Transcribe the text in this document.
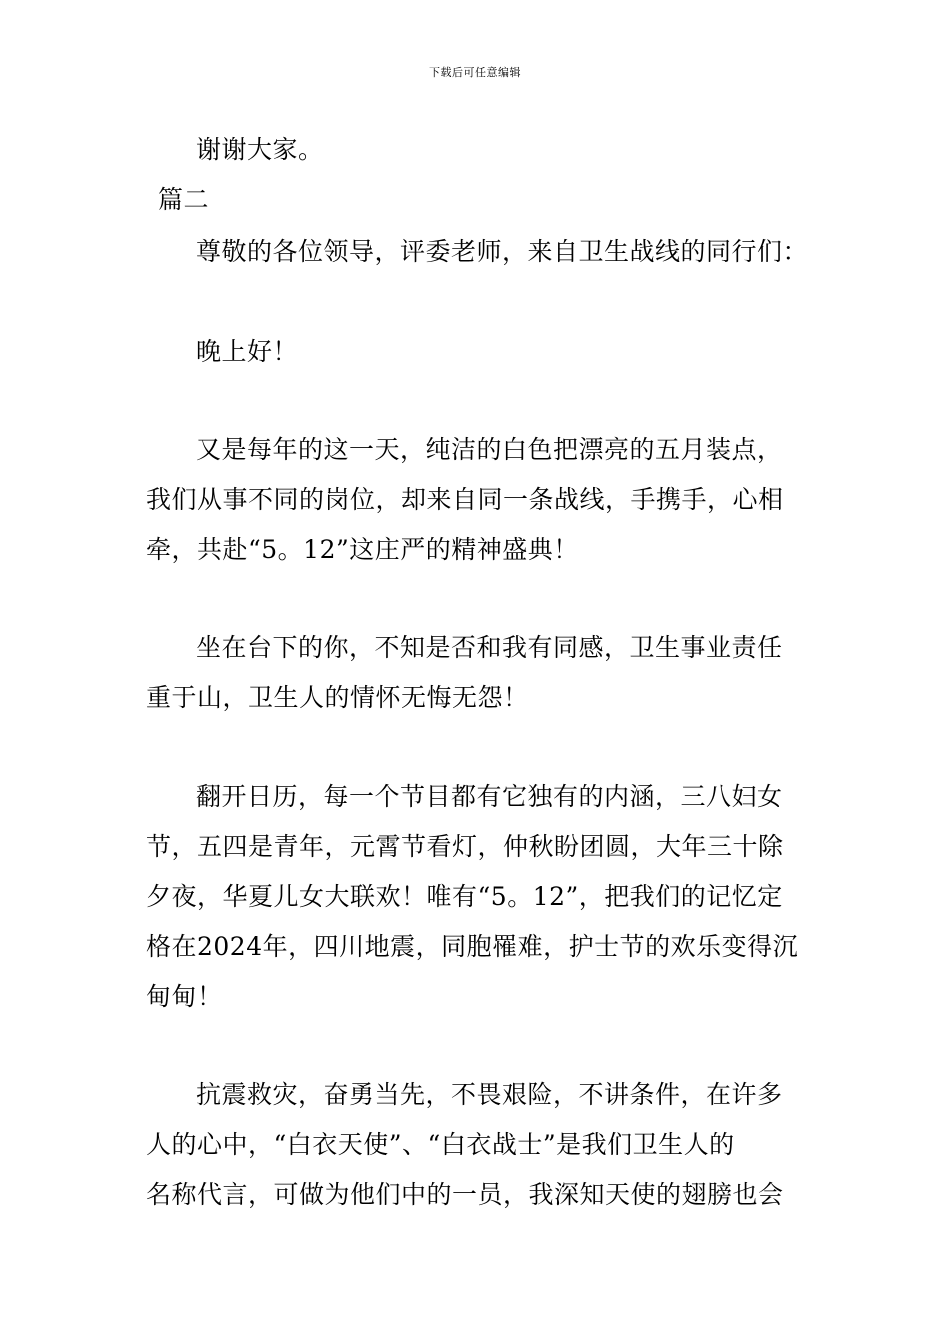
下载后可任意编辑
谢谢大家。
篇二
尊敬的各位领导，评委老师，来自卫生战线的同行们：
晚上好！
又是每年的这一天，纯洁的白色把漂亮的五月装点，
我们从事不同的岗位，却来自同一条战线，手携手，心相
牵，共赴“5。12”这庄严的精神盛典！
坐在台下的你，不知是否和我有同感，卫生事业责任
重于山，卫生人的情怀无悔无怨！
翻开日历，每一个节目都有它独有的内涵，三八妇女
节，五四是青年，元霄节看灯，仲秋盼团圆，大年三十除
夕夜，华夏儿女大联欢！唯有“5。12”，把我们的记忆定
格在2024年，四川地震，同胞罹难，护士节的欢乐变得沉
甸甸！
抗震救灾，奋勇当先，不畏艰险，不讲条件，在许多
人的心中，“白衣天使”、“白衣战士”是我们卫生人的
名称代言，可做为他们中的一员，我深知天使的翅膀也会
